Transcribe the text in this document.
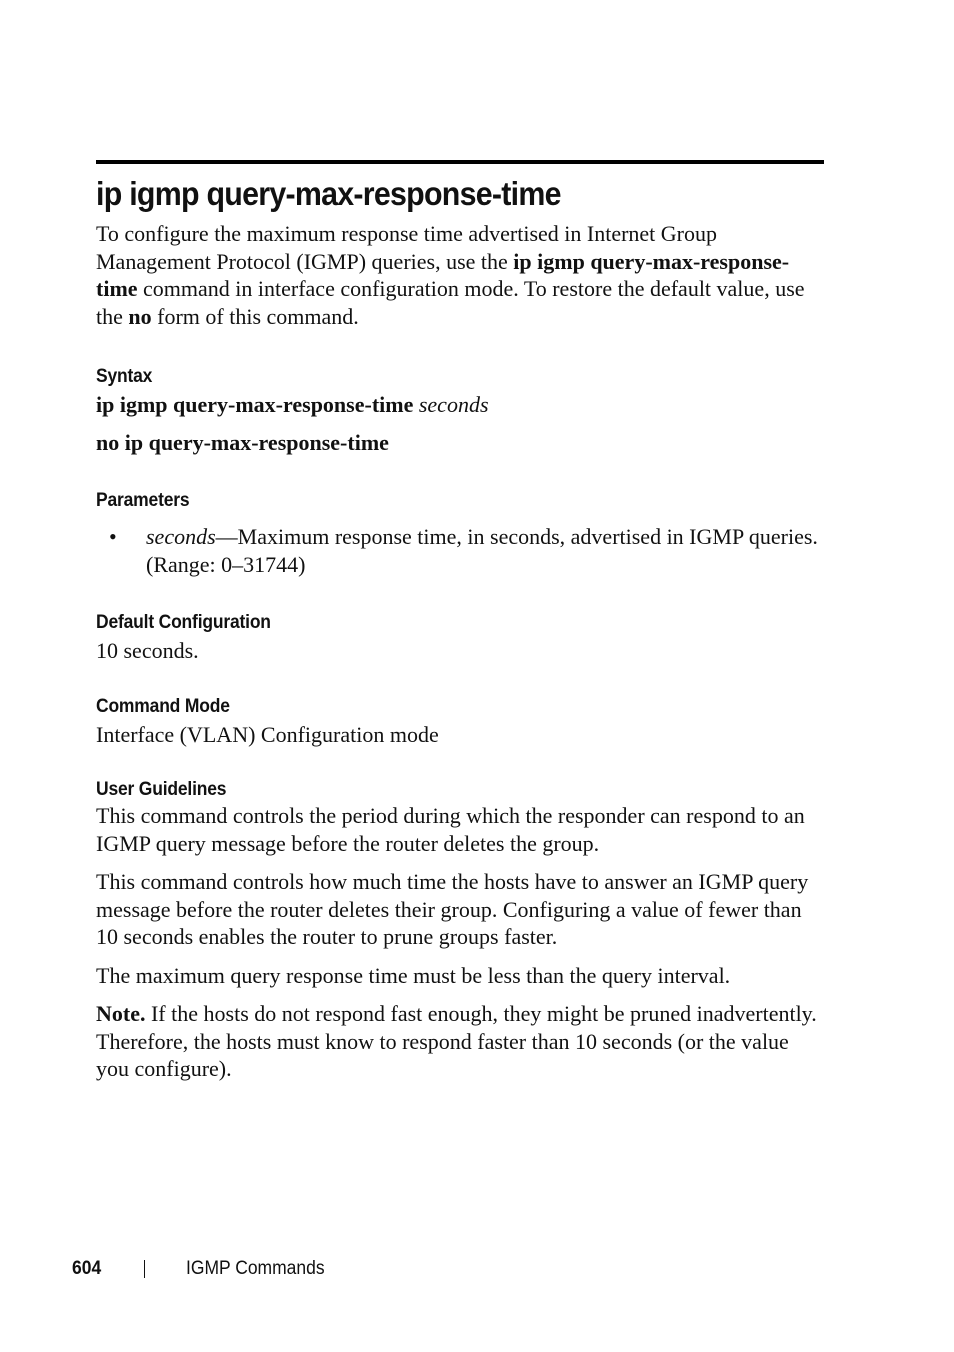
ip igmp query-max-response-time

To configure the maximum response time advertised in Internet Group Management Protocol (IGMP) queries, use the ip igmp query-max-response-time command in interface configuration mode. To restore the default value, use the no form of this command.

Syntax

ip igmp query-max-response-time seconds

no ip query-max-response-time

Parameters

• seconds—Maximum response time, in seconds, advertised in IGMP queries. (Range: 0–31744)

Default Configuration

10 seconds.

Command Mode

Interface (VLAN) Configuration mode

User Guidelines

This command controls the period during which the responder can respond to an IGMP query message before the router deletes the group.

This command controls how much time the hosts have to answer an IGMP query message before the router deletes their group. Configuring a value of fewer than 10 seconds enables the router to prune groups faster.

The maximum query response time must be less than the query interval.

Note. If the hosts do not respond fast enough, they might be pruned inadvertently. Therefore, the hosts must know to respond faster than 10 seconds (or the value you configure).

604	IGMP Commands
